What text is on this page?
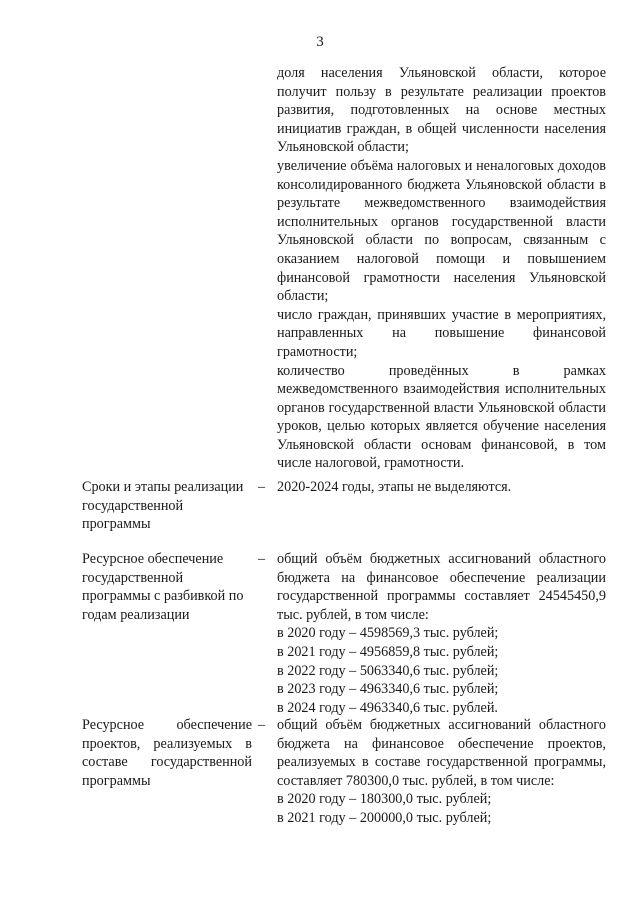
3
доля населения Ульяновской области, которое получит пользу в результате реализации проектов развития, подготовленных на основе местных инициатив граждан, в общей численности населения Ульяновской области;
увеличение объёма налоговых и неналоговых доходов консолидированного бюджета Ульяновской области в результате межведомственного взаимодействия исполнительных органов государственной власти Ульяновской области по вопросам, связанным с оказанием налоговой помощи и повышением финансовой грамотности населения Ульяновской области;
число граждан, принявших участие в мероприятиях, направленных на повышение финансовой грамотности;
количество проведённых в рамках межведомственного взаимодействия исполнительных органов государственной власти Ульяновской области уроков, целью которых является обучение населения Ульяновской области основам финансовой, в том числе налоговой, грамотности.
Сроки и этапы реализации государственной программы
– 2020-2024 годы, этапы не выделяются.
Ресурсное обеспечение государственной программы с разбивкой по годам реализации
– общий объём бюджетных ассигнований областного бюджета на финансовое обеспечение реализации государственной программы составляет 24545450,9 тыс. рублей, в том числе:
в 2020 году – 4598569,3 тыс. рублей;
в 2021 году – 4956859,8 тыс. рублей;
в 2022 году – 5063340,6 тыс. рублей;
в 2023 году – 4963340,6 тыс. рублей;
в 2024 году – 4963340,6 тыс. рублей.
Ресурсное обеспечение проектов, реализуемых в составе государственной программы
– общий объём бюджетных ассигнований областного бюджета на финансовое обеспечение проектов, реализуемых в составе государственной программы, составляет 780300,0 тыс. рублей, в том числе:
в 2020 году – 180300,0 тыс. рублей;
в 2021 году – 200000,0 тыс. рублей;
